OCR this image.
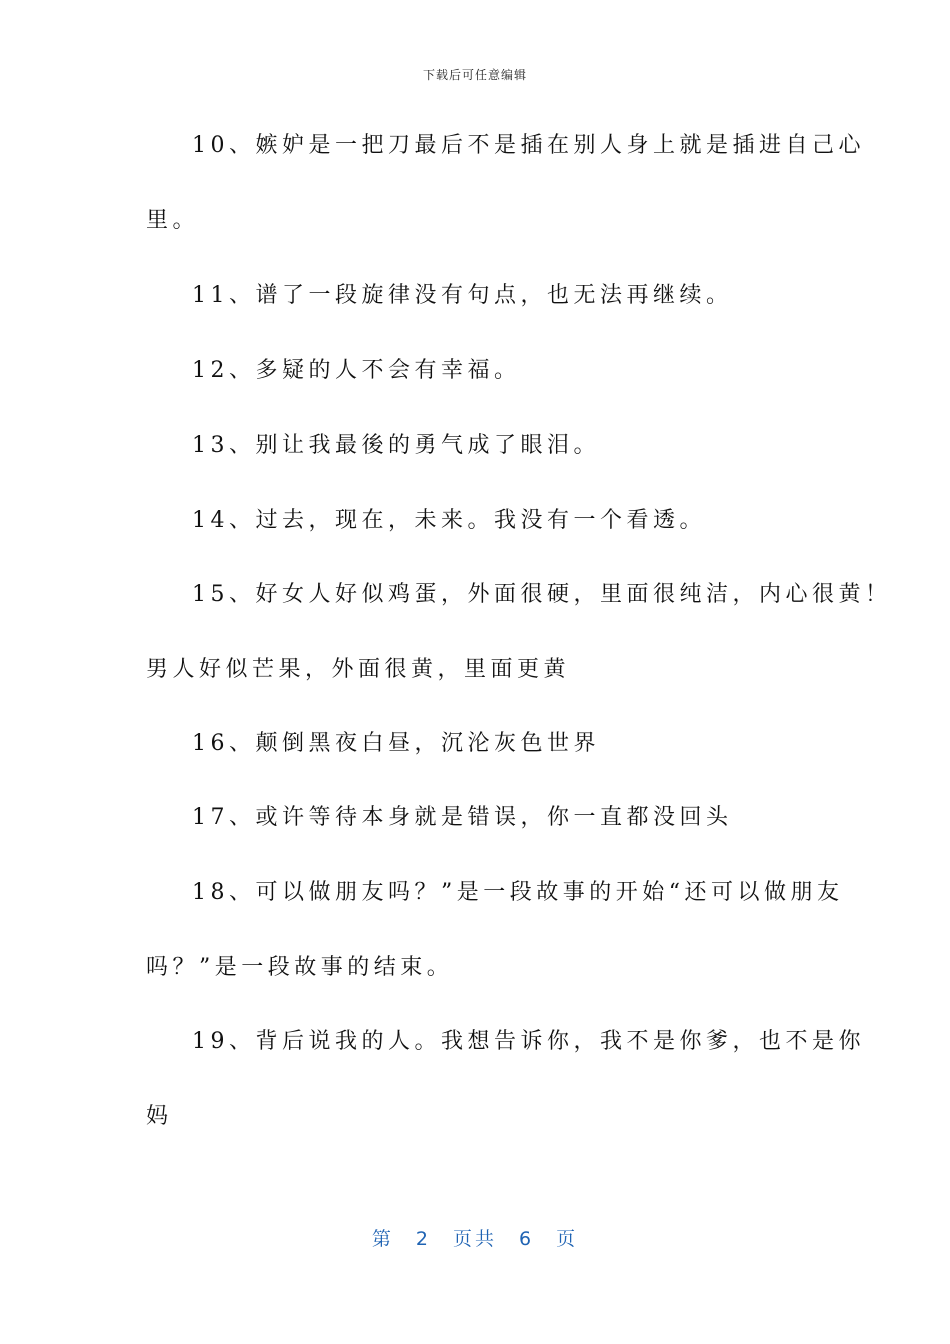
下载后可任意编辑
10、嫉妒是一把刀最后不是插在别人身上就是插进自己心
里。
11、谱了一段旋律没有句点，也无法再继续。
12、多疑的人不会有幸福。
13、别让我最後的勇气成了眼泪。
14、过去，现在，未来。我没有一个看透。
15、好女人好似鸡蛋，外面很硬，里面很纯洁，内心很黄！
男人好似芒果，外面很黄，里面更黄
16、颠倒黑夜白昼，沉沦灰色世界
17、或许等待本身就是错误，你一直都没回头
18、可以做朋友吗？”是一段故事的开始“还可以做朋友
吗？”是一段故事的结束。
19、背后说我的人。我想告诉你，我不是你爹，也不是你
妈
第 2 页共 6 页
